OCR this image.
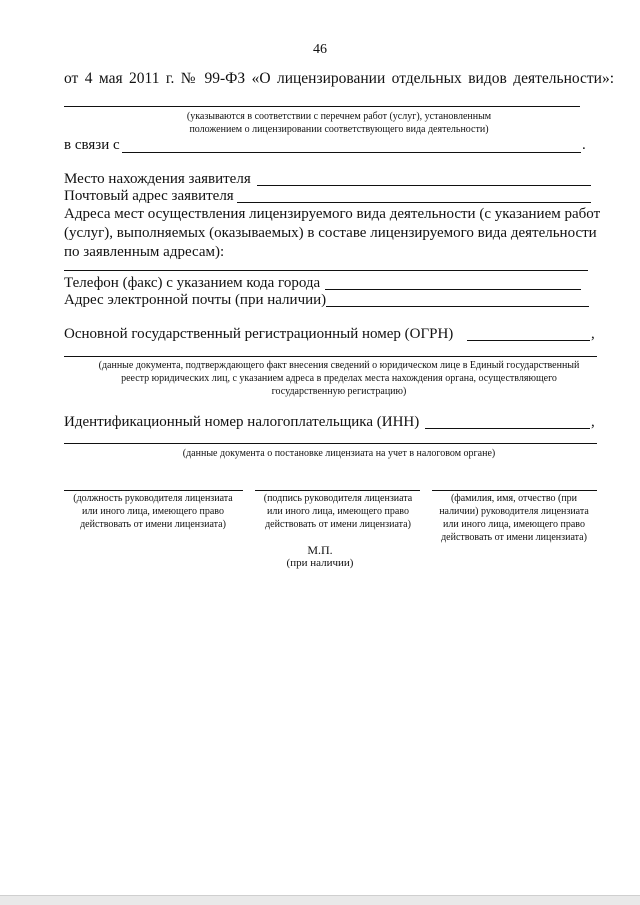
46
от 4 мая 2011 г. № 99-ФЗ «О лицензировании отдельных видов деятельности»:
(указываются в соответствии с перечнем работ (услуг), установленным
положением о лицензировании соответствующего вида деятельности)
в связи с	.
Место нахождения заявителя
Почтовый адрес заявителя
Адреса мест осуществления лицензируемого вида деятельности (с указанием работ
(услуг), выполняемых (оказываемых) в составе лицензируемого вида деятельности
по заявленным адресам):
Телефон (факс) с указанием кода города
Адрес электронной почты (при наличии)
Основной государственный регистрационный номер (ОГРН)	,
(данные документа, подтверждающего факт внесения сведений о юридическом лице в Единый государственный
реестр юридических лиц, с указанием адреса в пределах места нахождения органа, осуществляющего
государственную регистрацию)
Идентификационный номер налогоплательщика (ИНН)	,
(данные документа о постановке лицензиата на учет в налоговом органе)
(должность руководителя лицензиата
или иного лица, имеющего право
действовать от имени лицензиата)
(подпись руководителя лицензиата
или иного лица, имеющего право
действовать от имени лицензиата)
(фамилия, имя, отчество (при
наличии) руководителя лицензиата
или иного лица, имеющего право
действовать от имени лицензиата)
М.П.
(при наличии)
